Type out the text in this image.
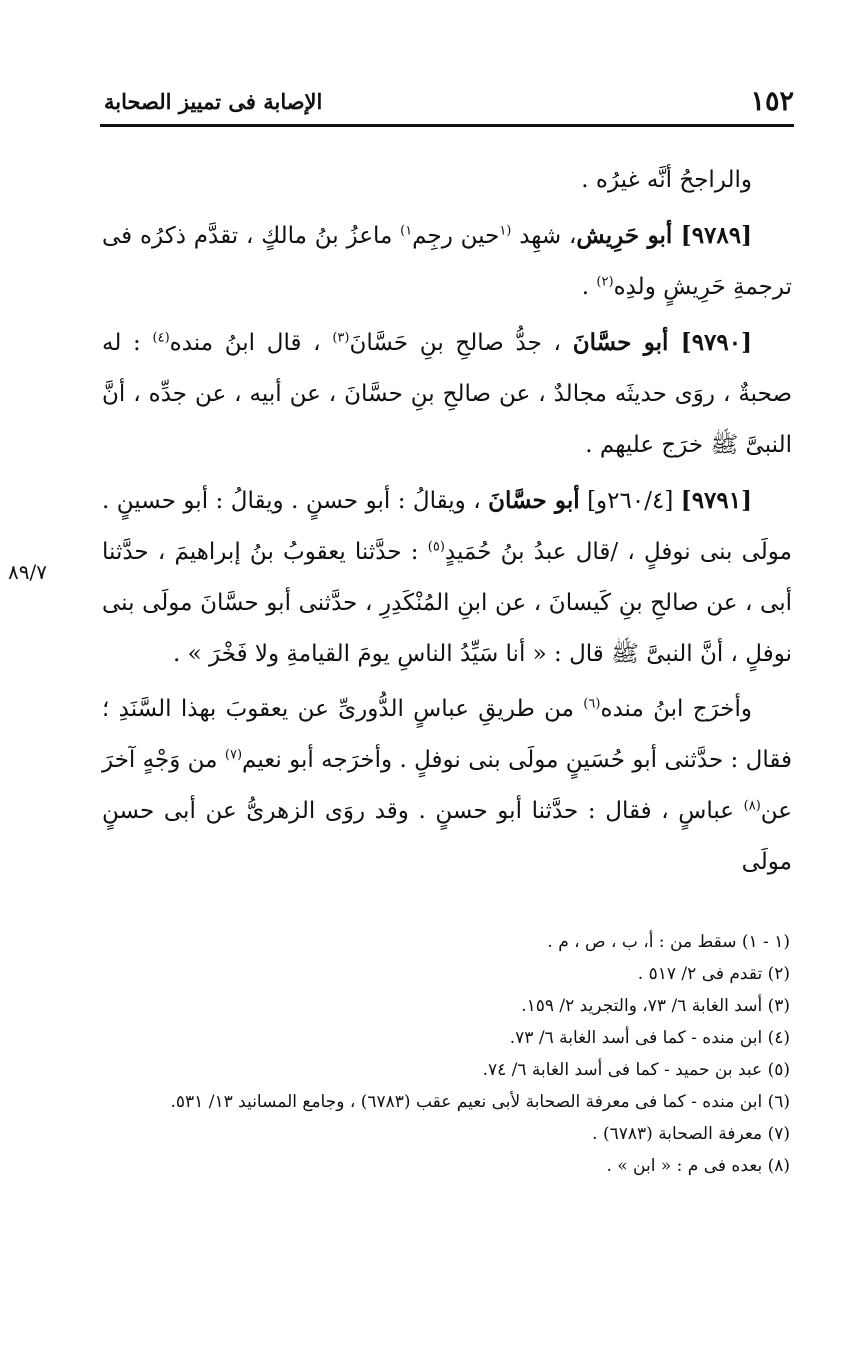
١٥٢
الإصابة فى تمييز الصحابة
٨٩/٧

والراجحُ أنَّه غيرُه .

[٩٧٨٩] أبو حَرِيش، شهِد $^{(١}$حين رجِم$^{١)}$ ماعزُ بنُ مالكٍ ، تقدَّم ذكرُه فى ترجمةِ حَرِيشٍ ولدِه$^{(٢)}$ .

[٩٧٩٠] أبو حسَّانَ ، جدُّ صالحِ بنِ حَسَّانَ$^{(٣)}$ ، قال ابنُ منده$^{(٤)}$ : له صحبةٌ ، روَى حديثَه مجالدٌ ، عن صالحِ بنِ حسَّانَ ، عن أبيه ، عن جدِّه ، أنَّ النبىَّ ﷺ خرَج عليهم .

[٩٧٩١] [٢٦٠/٤و] أبو حسَّانَ ، ويقالُ : أبو حسنٍ . ويقالُ : أبو حسينٍ . مولَى بنى نوفلٍ ، /قال عبدُ بنُ حُمَيدٍ$^{(٥)}$ : حدَّثنا يعقوبُ بنُ إبراهيمَ ، حدَّثنا أبى ، عن صالحِ بنِ كَيسانَ ، عن ابنِ المُنْكَدِرِ ، حدَّثنى أبو حسَّانَ مولَى بنى نوفلٍ ، أنَّ النبىَّ ﷺ قال : « أنا سَيِّدُ الناسِ يومَ القيامةِ ولا فَخْرَ » .

وأخرَج ابنُ منده$^{(٦)}$ من طريقِ عباسٍ الدُّورىِّ عن يعقوبَ بهذا السَّنَدِ ؛ فقال : حدَّثنى أبو حُسَينٍ مولَى بنى نوفلٍ . وأخرَجه أبو نعيم$^{(٧)}$ من وَجْهٍ آخرَ عن$^{(٨)}$ عباسٍ ، فقال : حدَّثنا أبو حسنٍ . وقد روَى الزهرىُّ عن أبى حسنٍ مولَى

(١ - ١) سقط من : أ، ب ، ص ، م .
(٢) تقدم فى ٢/ ٥١٧ .
(٣) أسد الغابة ٦/ ٧٣، والتجريد ٢/ ١٥٩.
(٤) ابن منده - كما فى أسد الغابة ٦/ ٧٣.
(٥) عبد بن حميد - كما فى أسد الغابة ٦/ ٧٤.
(٦) ابن منده - كما فى معرفة الصحابة لأبى نعيم عقب (٦٧٨٣) ، وجامع المسانيد ١٣/ ٥٣١.
(٧) معرفة الصحابة (٦٧٨٣) .
(٨) بعده فى م : « ابن » .
